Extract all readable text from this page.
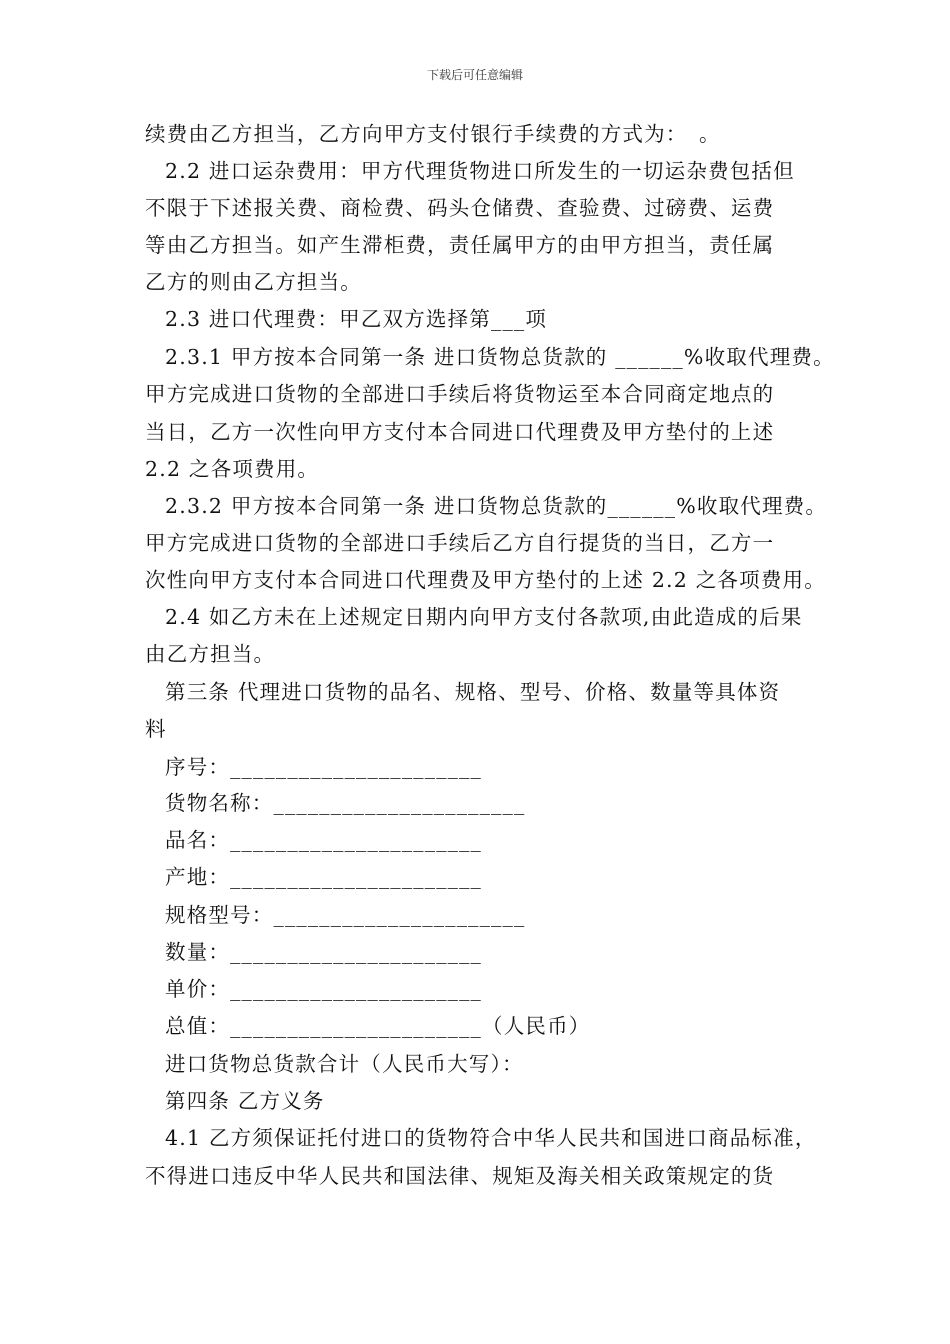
下载后可任意编辑
续费由乙方担当，乙方向甲方支付银行手续费的方式为：　。
2.2 进口运杂费用：甲方代理货物进口所发生的一切运杂费包括但
不限于下述报关费、商检费、码头仓储费、查验费、过磅费、运费
等由乙方担当。如产生滞柜费，责任属甲方的由甲方担当，责任属
乙方的则由乙方担当。
2.3 进口代理费：甲乙双方选择第___项
2.3.1 甲方按本合同第一条 进口货物总货款的 ______%收取代理费。
甲方完成进口货物的全部进口手续后将货物运至本合同商定地点的
当日，乙方一次性向甲方支付本合同进口代理费及甲方垫付的上述
2.2 之各项费用。
2.3.2 甲方按本合同第一条 进口货物总货款的______%收取代理费。
甲方完成进口货物的全部进口手续后乙方自行提货的当日，乙方一
次性向甲方支付本合同进口代理费及甲方垫付的上述 2.2 之各项费用。
2.4 如乙方未在上述规定日期内向甲方支付各款项,由此造成的后果
由乙方担当。
第三条 代理进口货物的品名、规格、型号、价格、数量等具体资
料
序号：______________________
货物名称：______________________
品名：______________________
产地：______________________
规格型号：______________________
数量：______________________
单价：______________________
总值：______________________（人民币）
进口货物总货款合计（人民币大写）：
第四条 乙方义务
4.1 乙方须保证托付进口的货物符合中华人民共和国进口商品标准，
不得进口违反中华人民共和国法律、规矩及海关相关政策规定的货
